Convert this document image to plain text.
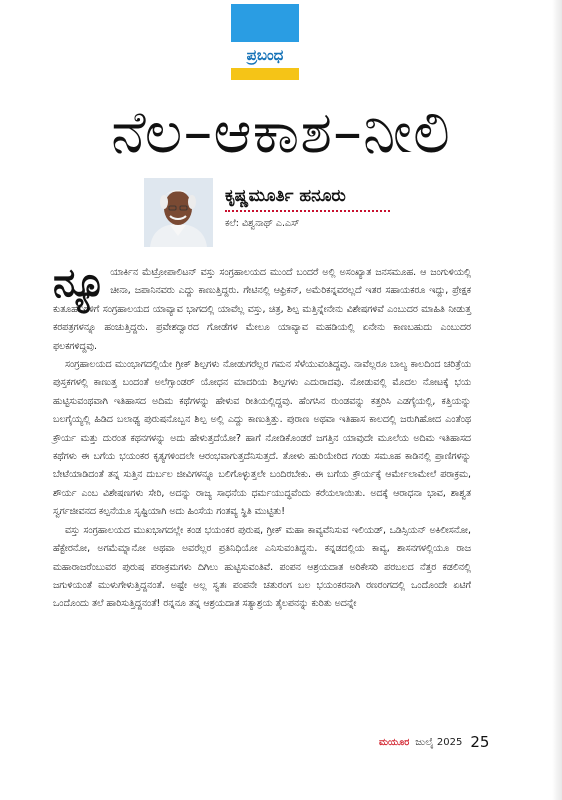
ಪ್ರಬಂಧ
ನೆಲ–ಆಕಾಶ–ನೀಲಿ
ಕೃಷ್ಣಮೂರ್ತಿ ಹನೂರು
ಕಲೆ: ವಿಶ್ವನಾಥ್ ಎ.ಎಸ್

ನ್ಯೂ ಯಾರ್ಕಿನ ಮೆಟ್ರೋಪಾಲಿಟನ್ ವಸ್ತು ಸಂಗ್ರಹಾಲಯದ ಮುಂದೆ ಬಂದರೆ ಅಲ್ಲಿ ಅಸಂಖ್ಯಾತ ಜನಸಮೂಹ. ಆ ಜಂಗುಳಿಯಲ್ಲಿ ಚೀನಾ, ಜಪಾನಿನವರು ಎದ್ದು ಕಾಣುತ್ತಿದ್ದರು. ಗೇಟಿನಲ್ಲಿ ಆಫ್ರಿಕನ್, ಅಮೆರಿಕನ್ನವರಲ್ಲದೆ ಇತರ ಸಹಾಯಕರೂ ಇದ್ದು, ಪ್ರೇಕ್ಷಕ ಕುತೂಹಲಿಗಳಿಗೆ ಸಂಗ್ರಹಾಲಯದ ಯಾವ್ಯಾವ ಭಾಗದಲ್ಲಿ ಯಾವೆಲ್ಲ ವಸ್ತು, ಚಿತ್ರ, ಶಿಲ್ಪ ಮತ್ತಿನ್ನೇನೇನು ವಿಶೇಷಗಳಿವೆ ಎಂಬುದರ ಮಾಹಿತಿ ನೀಡುತ್ತ ಕರಪತ್ರಗಳನ್ನೂ ಹಂಚುತ್ತಿದ್ದರು. ಪ್ರವೇಶದ್ವಾರದ ಗೋಡೆಗಳ ಮೇಲೂ ಯಾವ್ಯಾವ ಮಹಡಿಯಲ್ಲಿ ಏನೇನು ಕಾಣಬಹುದು ಎಂಬುದರ ಫಲಕಗಳಿದ್ದವು.

ಸಂಗ್ರಹಾಲಯದ ಮುಂಭಾಗದಲ್ಲಿಯೇ ಗ್ರೀಕ್ ಶಿಲ್ಪಗಳು ನೋಡುಗರೆಲ್ಲರ ಗಮನ ಸೆಳೆಯುವಂತಿದ್ದವು. ನಾವೆಲ್ಲರೂ ಬಾಲ್ಯ ಕಾಲದಿಂದ ಚರಿತ್ರೆಯ ಪುಸ್ತಕಗಳಲ್ಲಿ ಕಾಣುತ್ತ ಬಂದಂತೆ ಅಲೆಗ್ಸಾಂಡರ್ ಯೋಧನ ಮಾದರಿಯ ಶಿಲ್ಪಗಳು ಎದುರಾದವು. ನೋಡುವಲ್ಲಿ ಮೊದಲ ನೋಟಕ್ಕೆ ಭಯ ಹುಟ್ಟಿಸುವಂಥವಾಗಿ ಇತಿಹಾಸದ ಅದಿಮ ಕಥೆಗಳನ್ನು ಹೇಳುವ ರೀತಿಯಲ್ಲಿದ್ದವು. ಹೆಂಗಸಿನ ರುಂಡವನ್ನು ಕತ್ತರಿಸಿ ಎಡಗೈಯಲ್ಲಿ, ಕತ್ತಿಯನ್ನು ಬಲಗೈಯ್ಯಲ್ಲಿ ಹಿಡಿದ ಬಲಾಢ್ಯ ಪುರುಷನೊಬ್ಬನ ಶಿಲ್ಪ ಅಲ್ಲಿ ಎದ್ದು ಕಾಣುತ್ತಿತ್ತು. ಪುರಾಣ ಅಥವಾ ಇತಿಹಾಸ ಕಾಲದಲ್ಲಿ ಜರುಗಿಹೋದ ಎಂತೆಂಥ ಕ್ರೌರ್ಯ ಮತ್ತು ದುರಂತ ಕಥನಗಳನ್ನು ಅದು ಹೇಳುತ್ತದೆಯೋ? ಹಾಗೆ ನೋಡಿಕೊಂಡರೆ ಜಗತ್ತಿನ ಯಾವುದೇ ಮೂಲೆಯ ಅದಿಮ ಇತಿಹಾಸದ ಕಥೆಗಳು ಈ ಬಗೆಯ ಭಯಂಕರ ಕೃತ್ಯಗಳಿಂದಲೇ ಆರಂಭವಾಗುತ್ತದೆನಿಸುತ್ತದೆ. ತೋಳು ಹುರಿಯೇರಿದ ಗಂಡು ಸಮೂಹ ಕಾಡಿನಲ್ಲಿ ಪ್ರಾಣಿಗಳನ್ನು ಬೇಟೆಯಾಡಿದಂತೆ ತನ್ನ ಸುತ್ತಿನ ದುರ್ಬಲ ಜೀವಿಗಳನ್ನೂ ಬಲಿಗೊಳ್ಳುತ್ತಲೇ ಬಂದಿರಬೇಕು. ಈ ಬಗೆಯ ಕ್ರೌರ್ಯಕ್ಕೆ ಆರ್ಮೇಲಾಮೇಲೆ ಪರಾಕ್ರಮ, ಶೌರ್ಯ ಎಂಬ ವಿಶೇಷಣಗಳು ಸೇರಿ, ಅದನ್ನು ರಾಜ್ಯ ಸಾಧನೆಯ ಧರ್ಮಯುದ್ಧವೆಂದು ಕರೆಯಲಾಯಿತು. ಅದಕ್ಕೆ ಆರಾಧನಾ ಭಾವ, ಶಾಶ್ವತ ಸ್ವರ್ಗಜೀವನದ ಕಲ್ಪನೆಯೂ ಸೃಷ್ಟಿಯಾಗಿ ಅದು ಹಿಂಸೆಯ ಗಂತವ್ಯ ಸ್ಥಿತಿ ಮುಟ್ಟಿತು!

ವಸ್ತು ಸಂಗ್ರಹಾಲಯದ ಮುಖಭಾಗದಲ್ಲೇ ಕಂಡ ಭಯಂಕರ ಪುರುಷ, ಗ್ರೀಕ್ ಮಹಾ ಕಾವ್ಯವೆನಿಸುವ ಇಲಿಯಡ್, ಒಡಿಸ್ಸಿಯನ್ ಅಕಿಲೀಸನೋ, ಹೆಕ್ಟೇರನೋ, ಅಗಮೆಮ್ನಾನೋ ಅಥವಾ ಅವರೆಲ್ಲರ ಪ್ರತಿನಿಧಿಯೋ ಎನಿಸುವಂತಿದ್ದನು. ಕನ್ನಡದಲ್ಲಿಯ ಕಾವ್ಯ, ಶಾಸನಗಳಲ್ಲಿಯೂ ರಾಜ ಮಹಾರಾಜರೆಂಬುವರ ಪುರುಷ ಪರಾಕ್ರಮಗಳು ದಿಗಿಲು ಹುಟ್ಟಿಸುವಂತಿವೆ. ಪಂಪನ ಆಶ್ರಯದಾತ ಅರಿಕೇಸರಿ ಪರಬಲದ ನೆತ್ತರ ಕಡಲಿನಲ್ಲಿ ಜಗುಳಿಯಂತೆ ಮುಳುಗೇಳುತ್ತಿದ್ದನಂತೆ. ಅಷ್ಟೇ ಅಲ್ಲ ಸ್ವತಃ ಪಂಪನೇ ಚತುರಂಗ ಬಲ ಭಯಂಕರನಾಗಿ ರಣರಂಗದಲ್ಲಿ ಒಂದೊಂದೇ ಏಟಿಗೆ ಒಂದೊಂದು ತಲೆ ಹಾರಿಸುತ್ತಿದ್ದನಂತೆ! ರನ್ನನೂ ತನ್ನ ಆಶ್ರಯದಾತ ಸತ್ಯಾಶ್ರಯ ತೈಲಪನನ್ನು ಕುರಿತು ಅದನ್ನೇ

ಮಯೂರ ಜುಲೈ 2025 25
